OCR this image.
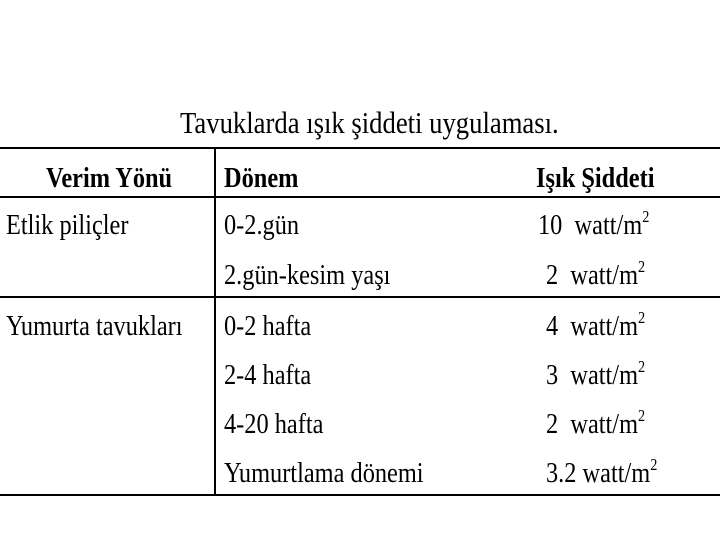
Tavuklarda ışık şiddeti uygulaması.
Verim Yönü Dönem	Işık Şiddeti
Etlik piliçler
Yumurta tavukları
0-2.gün
2.gün-kesim yaşı
0-2 hafta
2-4 hafta
4-20 hafta
Yumurtlama dönemi
10 watt/$m^2$
2 watt/$m^2$
4 watt/$m^2$
3 watt/$m^2$
2 watt/$m^2$
3.2 watt/$m^2$
